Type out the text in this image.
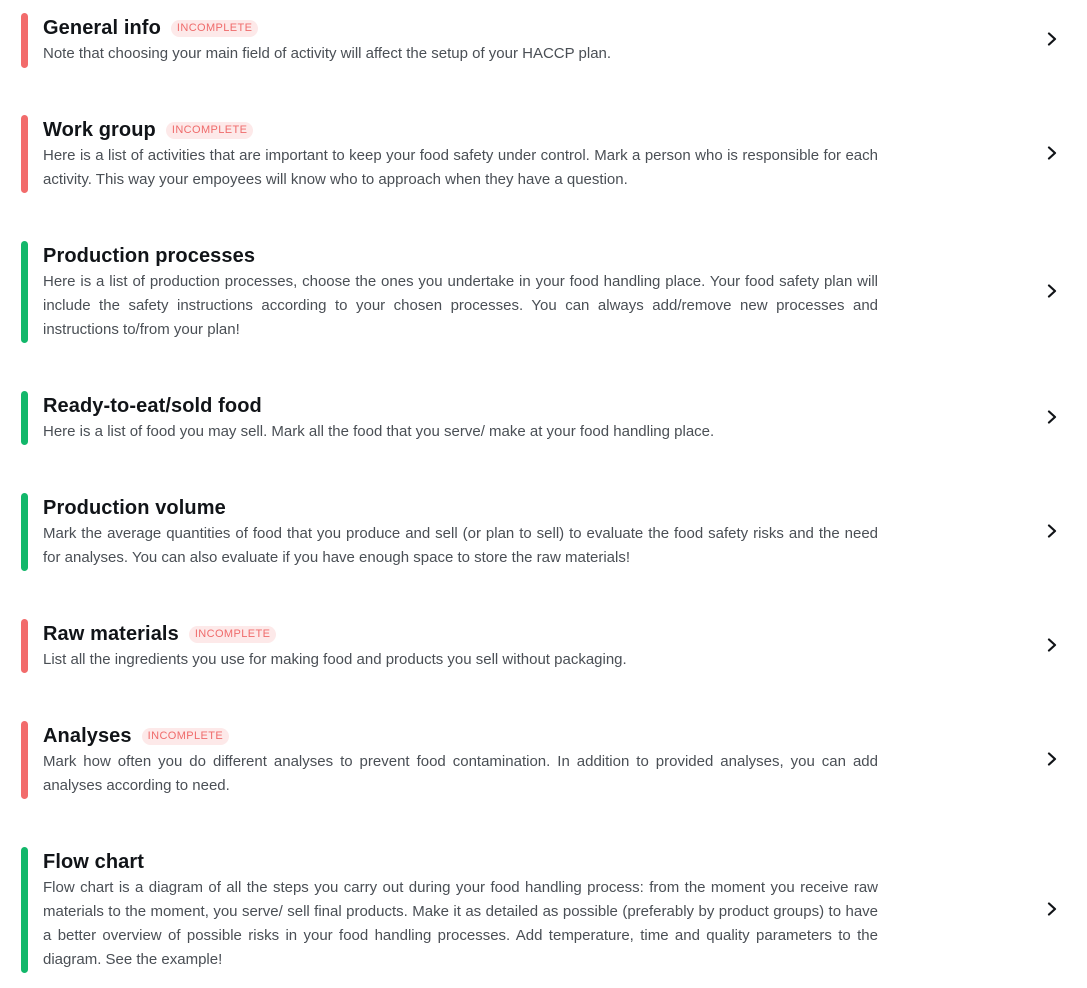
General info	INCOMPLETE
Note that choosing your main field of activity will affect the setup of your HACCP plan.
Work group	INCOMPLETE
Here is a list of activities that are important to keep your food safety under control. Mark a person who is responsible for each activity. This way your empoyees will know who to approach when they have a question.
Production processes
Here is a list of production processes, choose the ones you undertake in your food handling place. Your food safety plan will include the safety instructions according to your chosen processes. You can always add/remove new processes and instructions to/from your plan!
Ready-to-eat/sold food
Here is a list of food you may sell. Mark all the food that you serve/ make at your food handling place.
Production volume
Mark the average quantities of food that you produce and sell (or plan to sell) to evaluate the food safety risks and the need for analyses. You can also evaluate if you have enough space to store the raw materials!
Raw materials	INCOMPLETE
List all the ingredients you use for making food and products you sell without packaging.
Analyses	INCOMPLETE
Mark how often you do different analyses to prevent food contamination. In addition to provided analyses, you can add analyses according to need.
Flow chart
Flow chart is a diagram of all the steps you carry out during your food handling process: from the moment you receive raw materials to the moment, you serve/ sell final products. Make it as detailed as possible (preferably by product groups) to have a better overview of possible risks in your food handling processes. Add temperature, time and quality parameters to the diagram. See the example!
